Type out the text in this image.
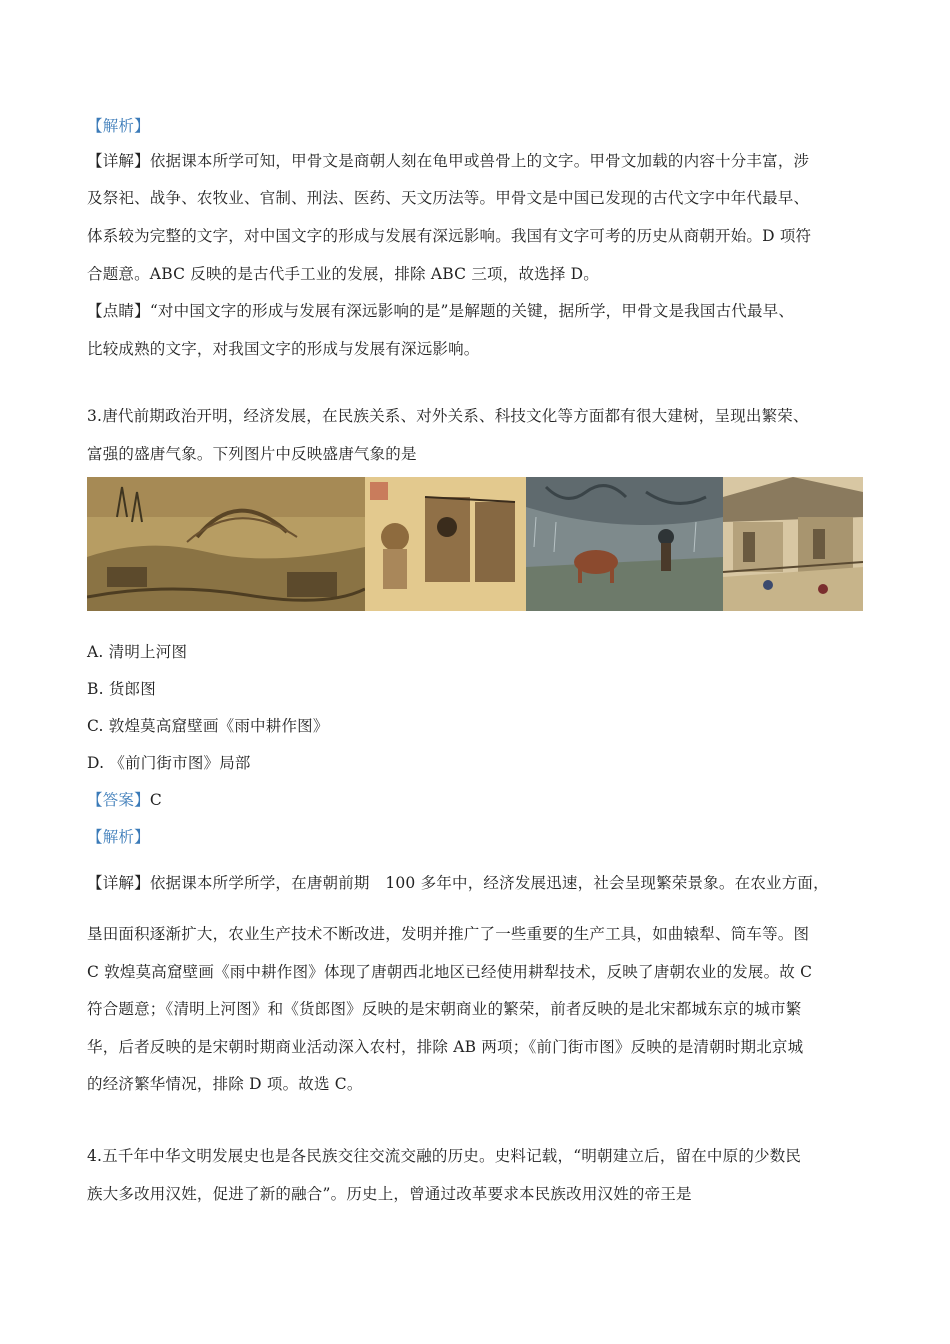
【解析】
【详解】依据课本所学可知，甲骨文是商朝人刻在龟甲或兽骨上的文字。甲骨文加载的内容十分丰富，涉
及祭祀、战争、农牧业、官制、刑法、医药、天文历法等。甲骨文是中国已发现的古代文字中年代最早、
体系较为完整的文字，对中国文字的形成与发展有深远影响。我国有文字可考的历史从商朝开始。D 项符
合题意。ABC 反映的是古代手工业的发展，排除 ABC 三项，故选择 D。
【点睛】“对中国文字的形成与发展有深远影响的是”是解题的关键，据所学，甲骨文是我国古代最早、
比较成熟的文字，对我国文字的形成与发展有深远影响。
3.唐代前期政治开明，经济发展，在民族关系、对外关系、科技文化等方面都有很大建树，呈现出繁荣、
富强的盛唐气象。下列图片中反映盛唐气象的是
A. 清明上河图
B. 货郎图
C. 敦煌莫高窟壁画《雨中耕作图》
D. 《前门街市图》局部
【答案】C
【解析】
【详解】依据课本所学所学，在唐朝前期　100 多年中，经济发展迅速，社会呈现繁荣景象。在农业方面，
垦田面积逐渐扩大，农业生产技术不断改进，发明并推广了一些重要的生产工具，如曲辕犁、筒车等。图
C 敦煌莫高窟壁画《雨中耕作图》体现了唐朝西北地区已经使用耕犁技术，反映了唐朝农业的发展。故 C
符合题意；《清明上河图》和《货郎图》反映的是宋朝商业的繁荣，前者反映的是北宋都城东京的城市繁
华，后者反映的是宋朝时期商业活动深入农村，排除 AB 两项；《前门街市图》反映的是清朝时期北京城
的经济繁华情况，排除 D 项。故选 C。
4.五千年中华文明发展史也是各民族交往交流交融的历史。史料记载，“明朝建立后，留在中原的少数民
族大多改用汉姓，促进了新的融合”。历史上，曾通过改革要求本民族改用汉姓的帝王是
